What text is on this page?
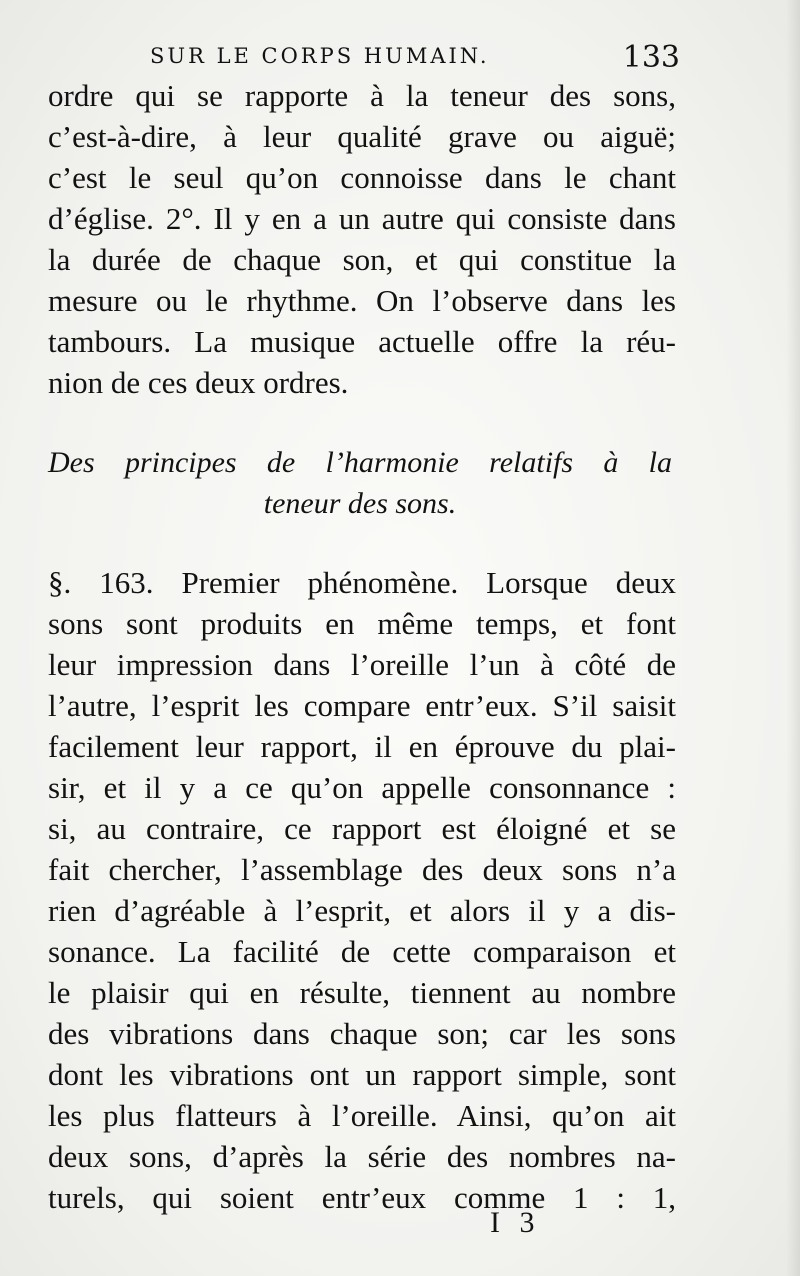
SUR LE CORPS HUMAIN.	133
ordre qui se rapporte à la teneur des sons,
c’est-à-dire, à leur qualité grave ou aiguë;
c’est le seul qu’on connoisse dans le chant
d’église. 2°. Il y en a un autre qui consiste dans
la durée de chaque son, et qui constitue la
mesure ou le rhythme. On l’observe dans les
tambours. La musique actuelle offre la réu-
nion de ces deux ordres.
Des principes de l’harmonie relatifs à la
teneur des sons.
§. 163. Premier phénomène. Lorsque deux
sons sont produits en même temps, et font
leur impression dans l’oreille l’un à côté de
l’autre, l’esprit les compare entr’eux. S’il saisit
facilement leur rapport, il en éprouve du plai-
sir, et il y a ce qu’on appelle consonnance :
si, au contraire, ce rapport est éloigné et se
fait chercher, l’assemblage des deux sons n’a
rien d’agréable à l’esprit, et alors il y a dis-
sonance. La facilité de cette comparaison et
le plaisir qui en résulte, tiennent au nombre
des vibrations dans chaque son; car les sons
dont les vibrations ont un rapport simple, sont
les plus flatteurs à l’oreille. Ainsi, qu’on ait
deux sons, d’après la série des nombres na-
turels, qui soient entr’eux comme 1 : 1,
I 3
